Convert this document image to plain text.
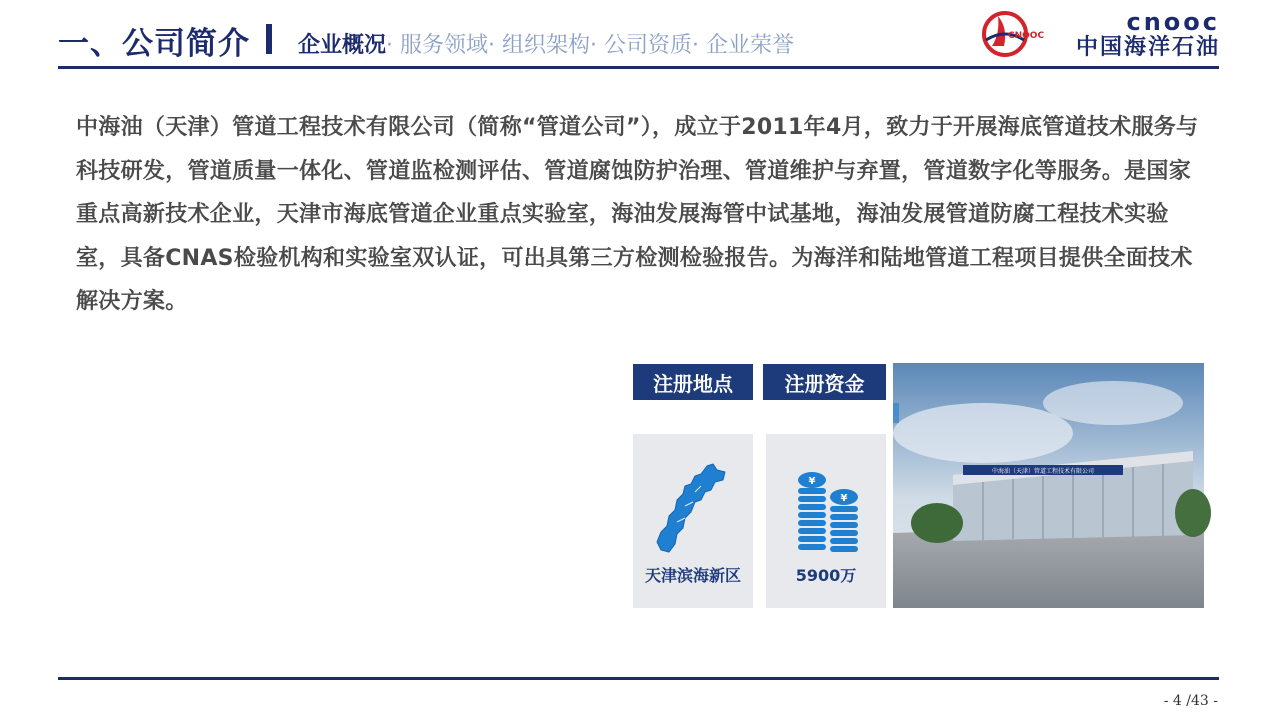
一、公司简介 企业概况· 服务领域· 组织架构· 公司资质· 企业荣誉	CNOOC	cnooc
中国海洋石油
中海油（天津）管道工程技术有限公司（简称“管道公司”），成立于2011年4月，致力于开展海底管道技术服务与科技研发，管道质量一体化、管道监检测评估、管道腐蚀防护治理、管道维护与弃置，管道数字化等服务。是国家重点高新技术企业，天津市海底管道企业重点实验室，海油发展海管中试基地，海油发展管道防腐工程技术实验室，具备CNAS检验机构和实验室双认证，可出具第三方检测检验报告。为海洋和陆地管道工程项目提供全面技术解决方案。
注册地点	注册资金
天津滨海新区
¥
¥
5900万
中海油（天津）管道工程技术有限公司
- 4 /43 -
